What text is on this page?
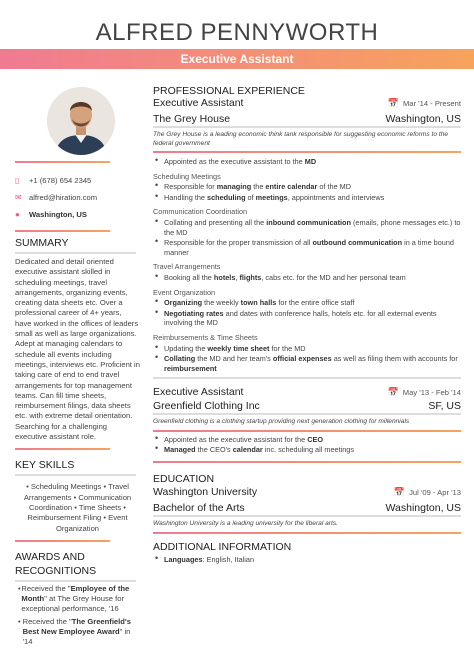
ALFRED PENNYWORTH
Executive Assistant
▯	+1 (678) 654 2345
✉ alfred@hiration.com
●	Washington, US
SUMMARY
Dedicated and detail oriented executive assistant skilled in scheduling meetings, travel arrangements, organizing events, creating data sheets etc. Over a professional career of 4+ years, have worked in the offices of leaders small as well as large organizations. Adept at managing calendars to schedule all events including meetings, interviews etc. Proficient in taking care of end to end travel arrangements for top management teams. Can fill time sheets, reimbursement filings, data sheets etc. with extreme detail orientation. Searching for a challenging executive assistant role.
KEY SKILLS
• Scheduling Meetings • Travel Arrangements • Communication Coordination • Time Sheets • Reimbursement Filing • Event Organization
AWARDS AND RECOGNITIONS
• Received the "Employee of the Month" at The Grey House for exceptional performance, '16
• Received the "The Greenfield's Best New Employee Award" in '14
PROFESSIONAL EXPERIENCE
Executive Assistant	📅 Mar '14 - Present
The Grey House	Washington, US
The Grey House is a leading economic think tank responsible for suggesting economic reforms to the federal government
• Appointed as the executive assistant to the MD
Scheduling Meetings
• Responsible for managing the entire calendar of the MD
• Handling the scheduling of meetings, appointments and interviews
Communication Coordination
• Collating and presenting all the inbound communication (emails, phone messages etc.) to the MD
• Responsible for the proper transmission of all outbound communication in a time bound manner
Travel Arrangements
• Booking all the hotels, flights, cabs etc. for the MD and her personal team
Event Organization
• Organizing the weekly town halls for the entire office staff
• Negotiating rates and dates with conference halls, hotels etc. for all external events involving the MD
Reimbursements & Time Sheets
• Updating the weekly time sheet for the MD
• Collating the MD and her team's official expenses as well as filing them with accounts for reimbursement
Executive Assistant	📅 May '13 - Feb '14
Greenfield Clothing Inc	SF, US
Greenfield clothing is a clothing startup providing next generation clothing for millennials
• Appointed as the executive assistant for the CEO
• Managed the CEO's calendar inc. scheduling all meetings
EDUCATION
Washington University	📅 Jul '09 - Apr '13
Bachelor of the Arts	Washington, US
Washington University is a leading university for the liberal arts.
ADDITIONAL INFORMATION
• Languages: English, Italian
